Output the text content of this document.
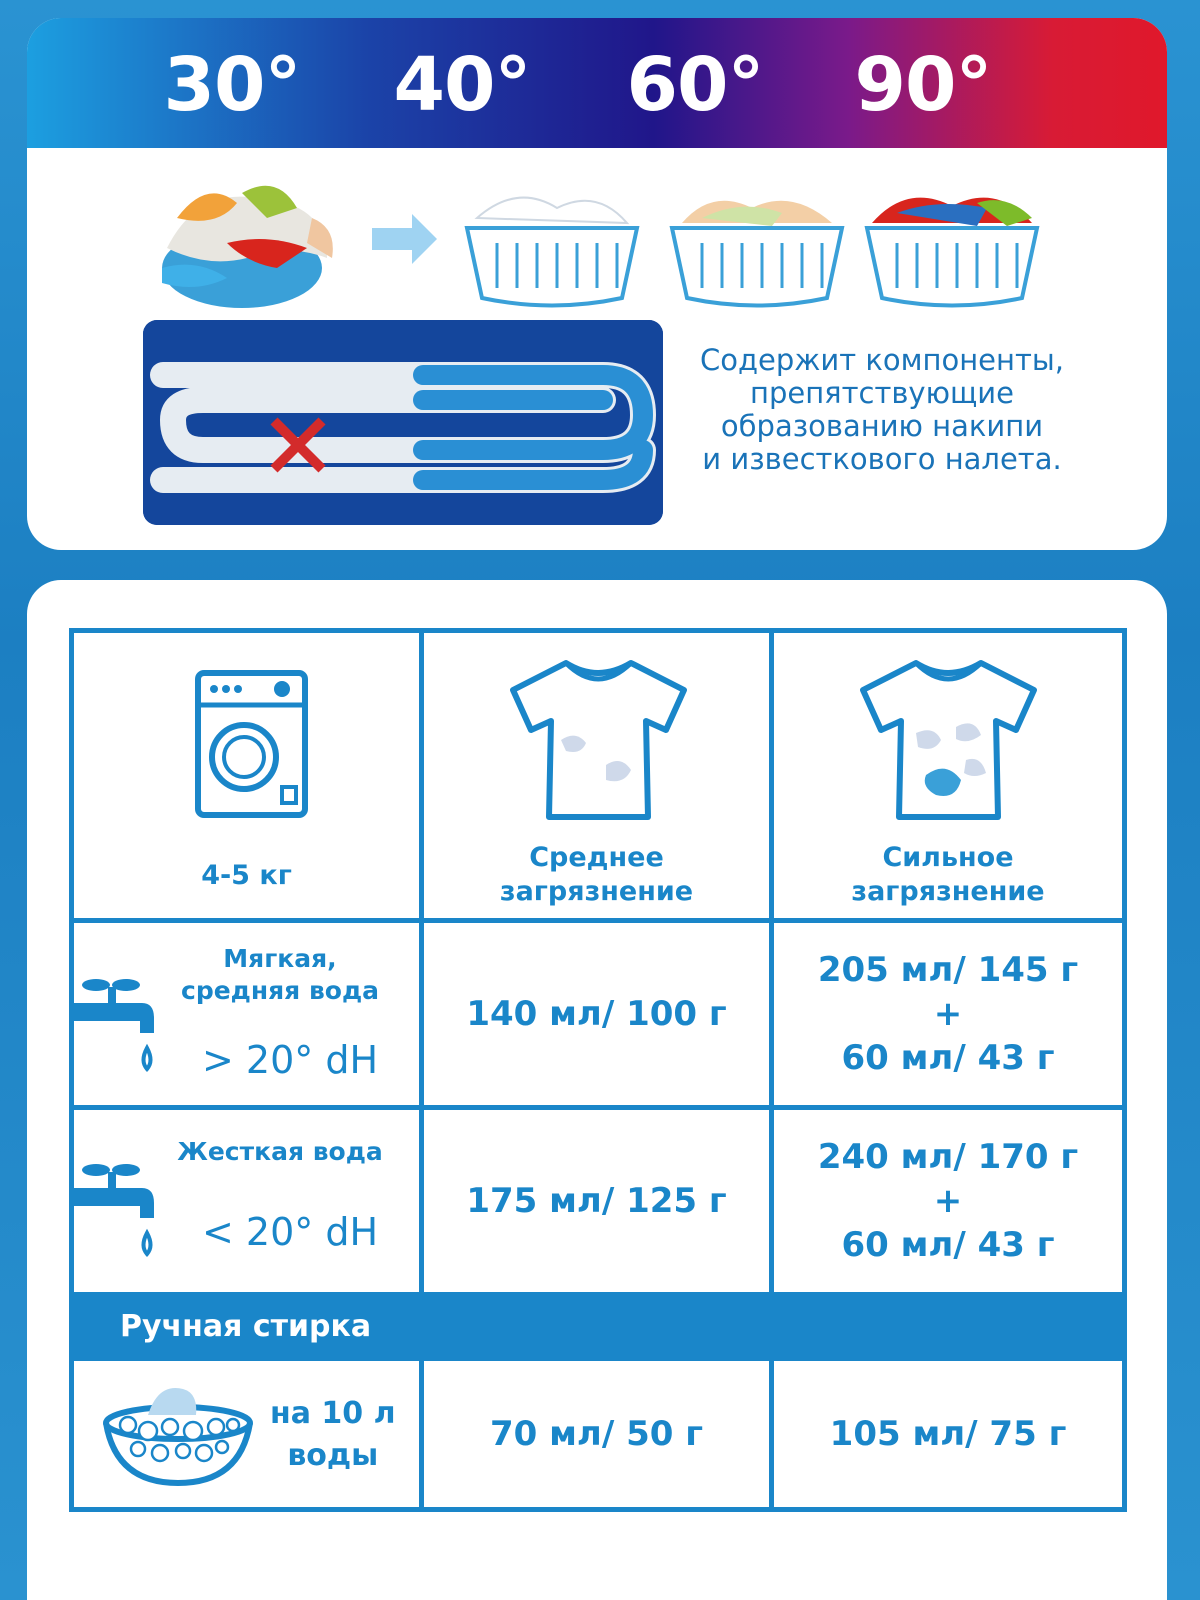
30° 40° 60° 90°
Содержит компоненты,
препятствующие
образованию накипи
и известкового налета.
4-5 кг
Среднее
загрязнение
Сильное
загрязнение
Мягкая,
средняя вода
> 20° dH
140 мл/ 100 г
205 мл/ 145 г
+
60 мл/ 43 г
Жесткая вода
< 20° dH
175 мл/ 125 г
240 мл/ 170 г
+
60 мл/ 43 г
Ручная стирка
на 10 л
воды
70 мл/ 50 г	105 мл/ 75 г
